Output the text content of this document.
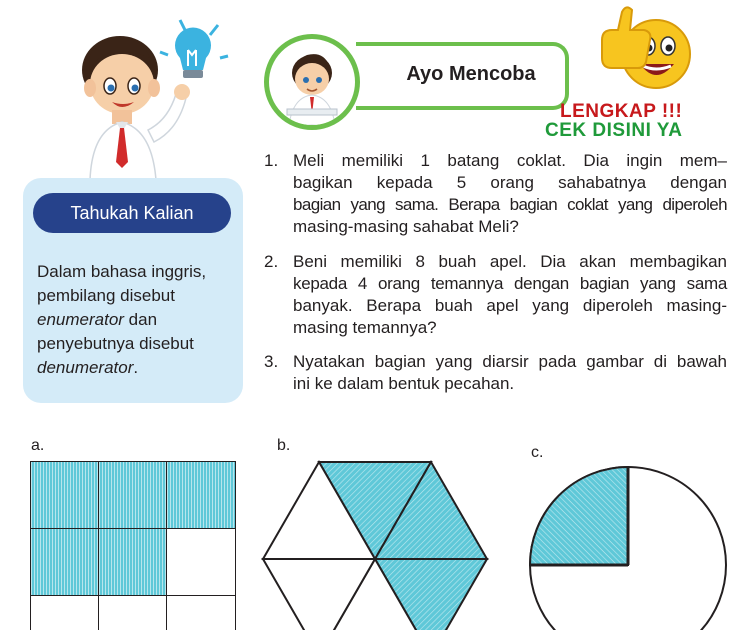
Tahukah Kalian
Dalam bahasa inggris,
pembilang disebut
enumerator dan
penyebutnya disebut
denumerator.
Ayo Mencoba
LENGKAP !!!
CEK DISINI YA
1. Meli memiliki 1 batang coklat. Dia ingin mem–
bagikan kepada 5 orang sahabatnya dengan
bagian yang sama. Berapa bagian coklat yang diperoleh
masing-masing sahabat Meli?
2. Beni memiliki 8 buah apel. Dia akan membagikan
kepada 4 orang temannya dengan bagian yang sama
banyak. Berapa buah apel yang diperoleh masing-
masing temannya?
3. Nyatakan bagian yang diarsir pada gambar di bawah
ini ke dalam bentuk pecahan.
a.	b.	c.
